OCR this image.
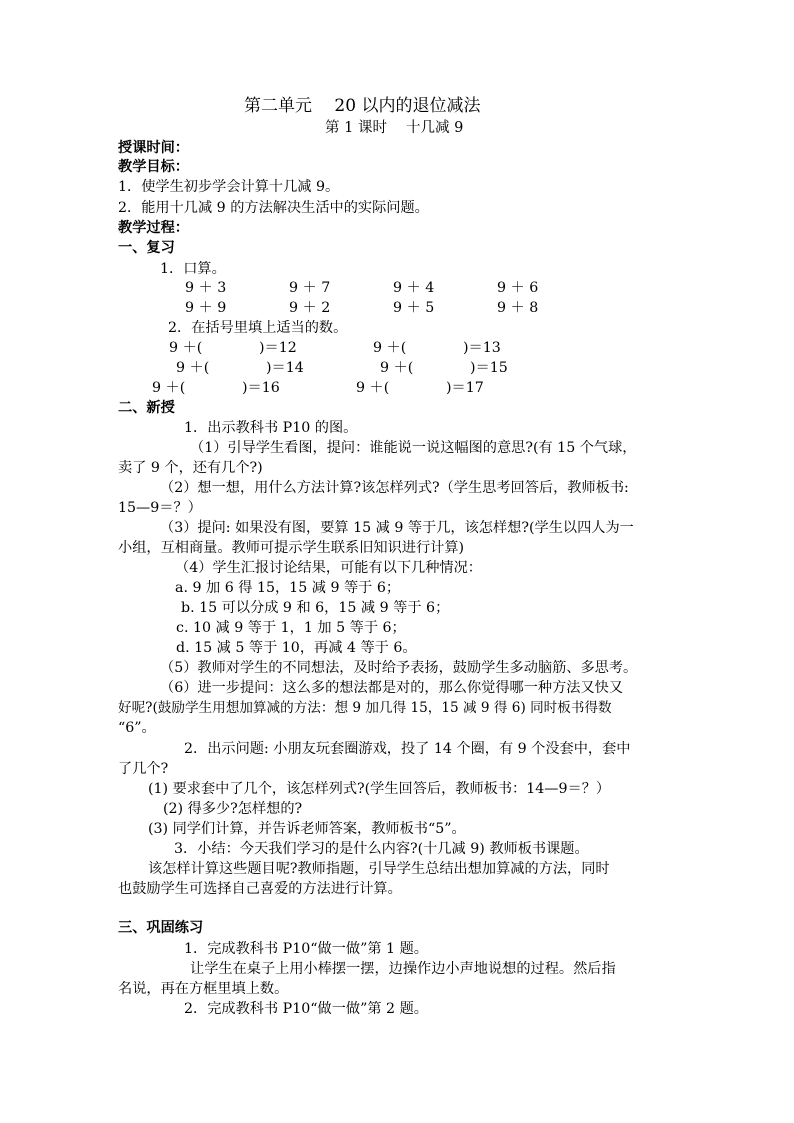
第二单元　 20 以内的退位减法
第 1 课时　 十几减 9
授课时间：
教学目标：
1．使学生初步学会计算十几减 9。
2．能用十几减 9 的方法解决生活中的实际问题。
教学过程：
一、复习
1．口算。
9 ＋ 3	9 ＋ 7	9 ＋ 4	9 ＋ 6
9 ＋ 9	9 ＋ 2	9 ＋ 5	9 ＋ 8
2．在括号里填上适当的数。
9 ＋(　　　　)＝12	9 ＋(　　　　)＝13
9 ＋(　　　　)＝14	9 ＋(　　　　)＝15
9 ＋(　　　　)＝16	9 ＋(　　　　)＝17
二、新授
1．出示教科书 P10 的图。
（1）引导学生看图，提问：谁能说一说这幅图的意思?(有 15 个气球，
卖了 9 个，还有几个?)
（2）想一想，用什么方法计算?该怎样列式?（学生思考回答后，教师板书:
15—9＝？）
（3）提问: 如果没有图，要算 15 减 9 等于几，该怎样想?(学生以四人为一
小组，互相商量。教师可提示学生联系旧知识进行计算)
（4）学生汇报讨论结果，可能有以下几种情况：
a. 9 加 6 得 15，15 减 9 等于 6；
b. 15 可以分成 9 和 6，15 减 9 等于 6；
c. 10 减 9 等于 1，1 加 5 等于 6；
d. 15 减 5 等于 10，再减 4 等于 6。
（5）教师对学生的不同想法，及时给予表扬，鼓励学生多动脑筋、多思考。
（6）进一步提问：这么多的想法都是对的，那么你觉得哪一种方法又快又
好呢?(鼓励学生用想加算减的方法：想 9 加几得 15，15 减 9 得 6) 同时板书得数
“6”。
2．出示问题: 小朋友玩套圈游戏，投了 14 个圈，有 9 个没套中，套中
了几个?
(1) 要求套中了几个，该怎样列式?(学生回答后，教师板书：14—9＝？）
(2) 得多少?怎样想的?
(3) 同学们计算，并告诉老师答案，教师板书“5”。
3．小结：今天我们学习的是什么内容?(十几减 9) 教师板书课题。
该怎样计算这些题目呢?教师指题，引导学生总结出想加算减的方法，同时
也鼓励学生可选择自己喜爱的方法进行计算。
三、巩固练习
1．完成教科书 P10“做一做”第 1 题。
让学生在桌子上用小棒摆一摆，边操作边小声地说想的过程。然后指
名说，再在方框里填上数。
2．完成教科书 P10“做一做”第 2 题。
